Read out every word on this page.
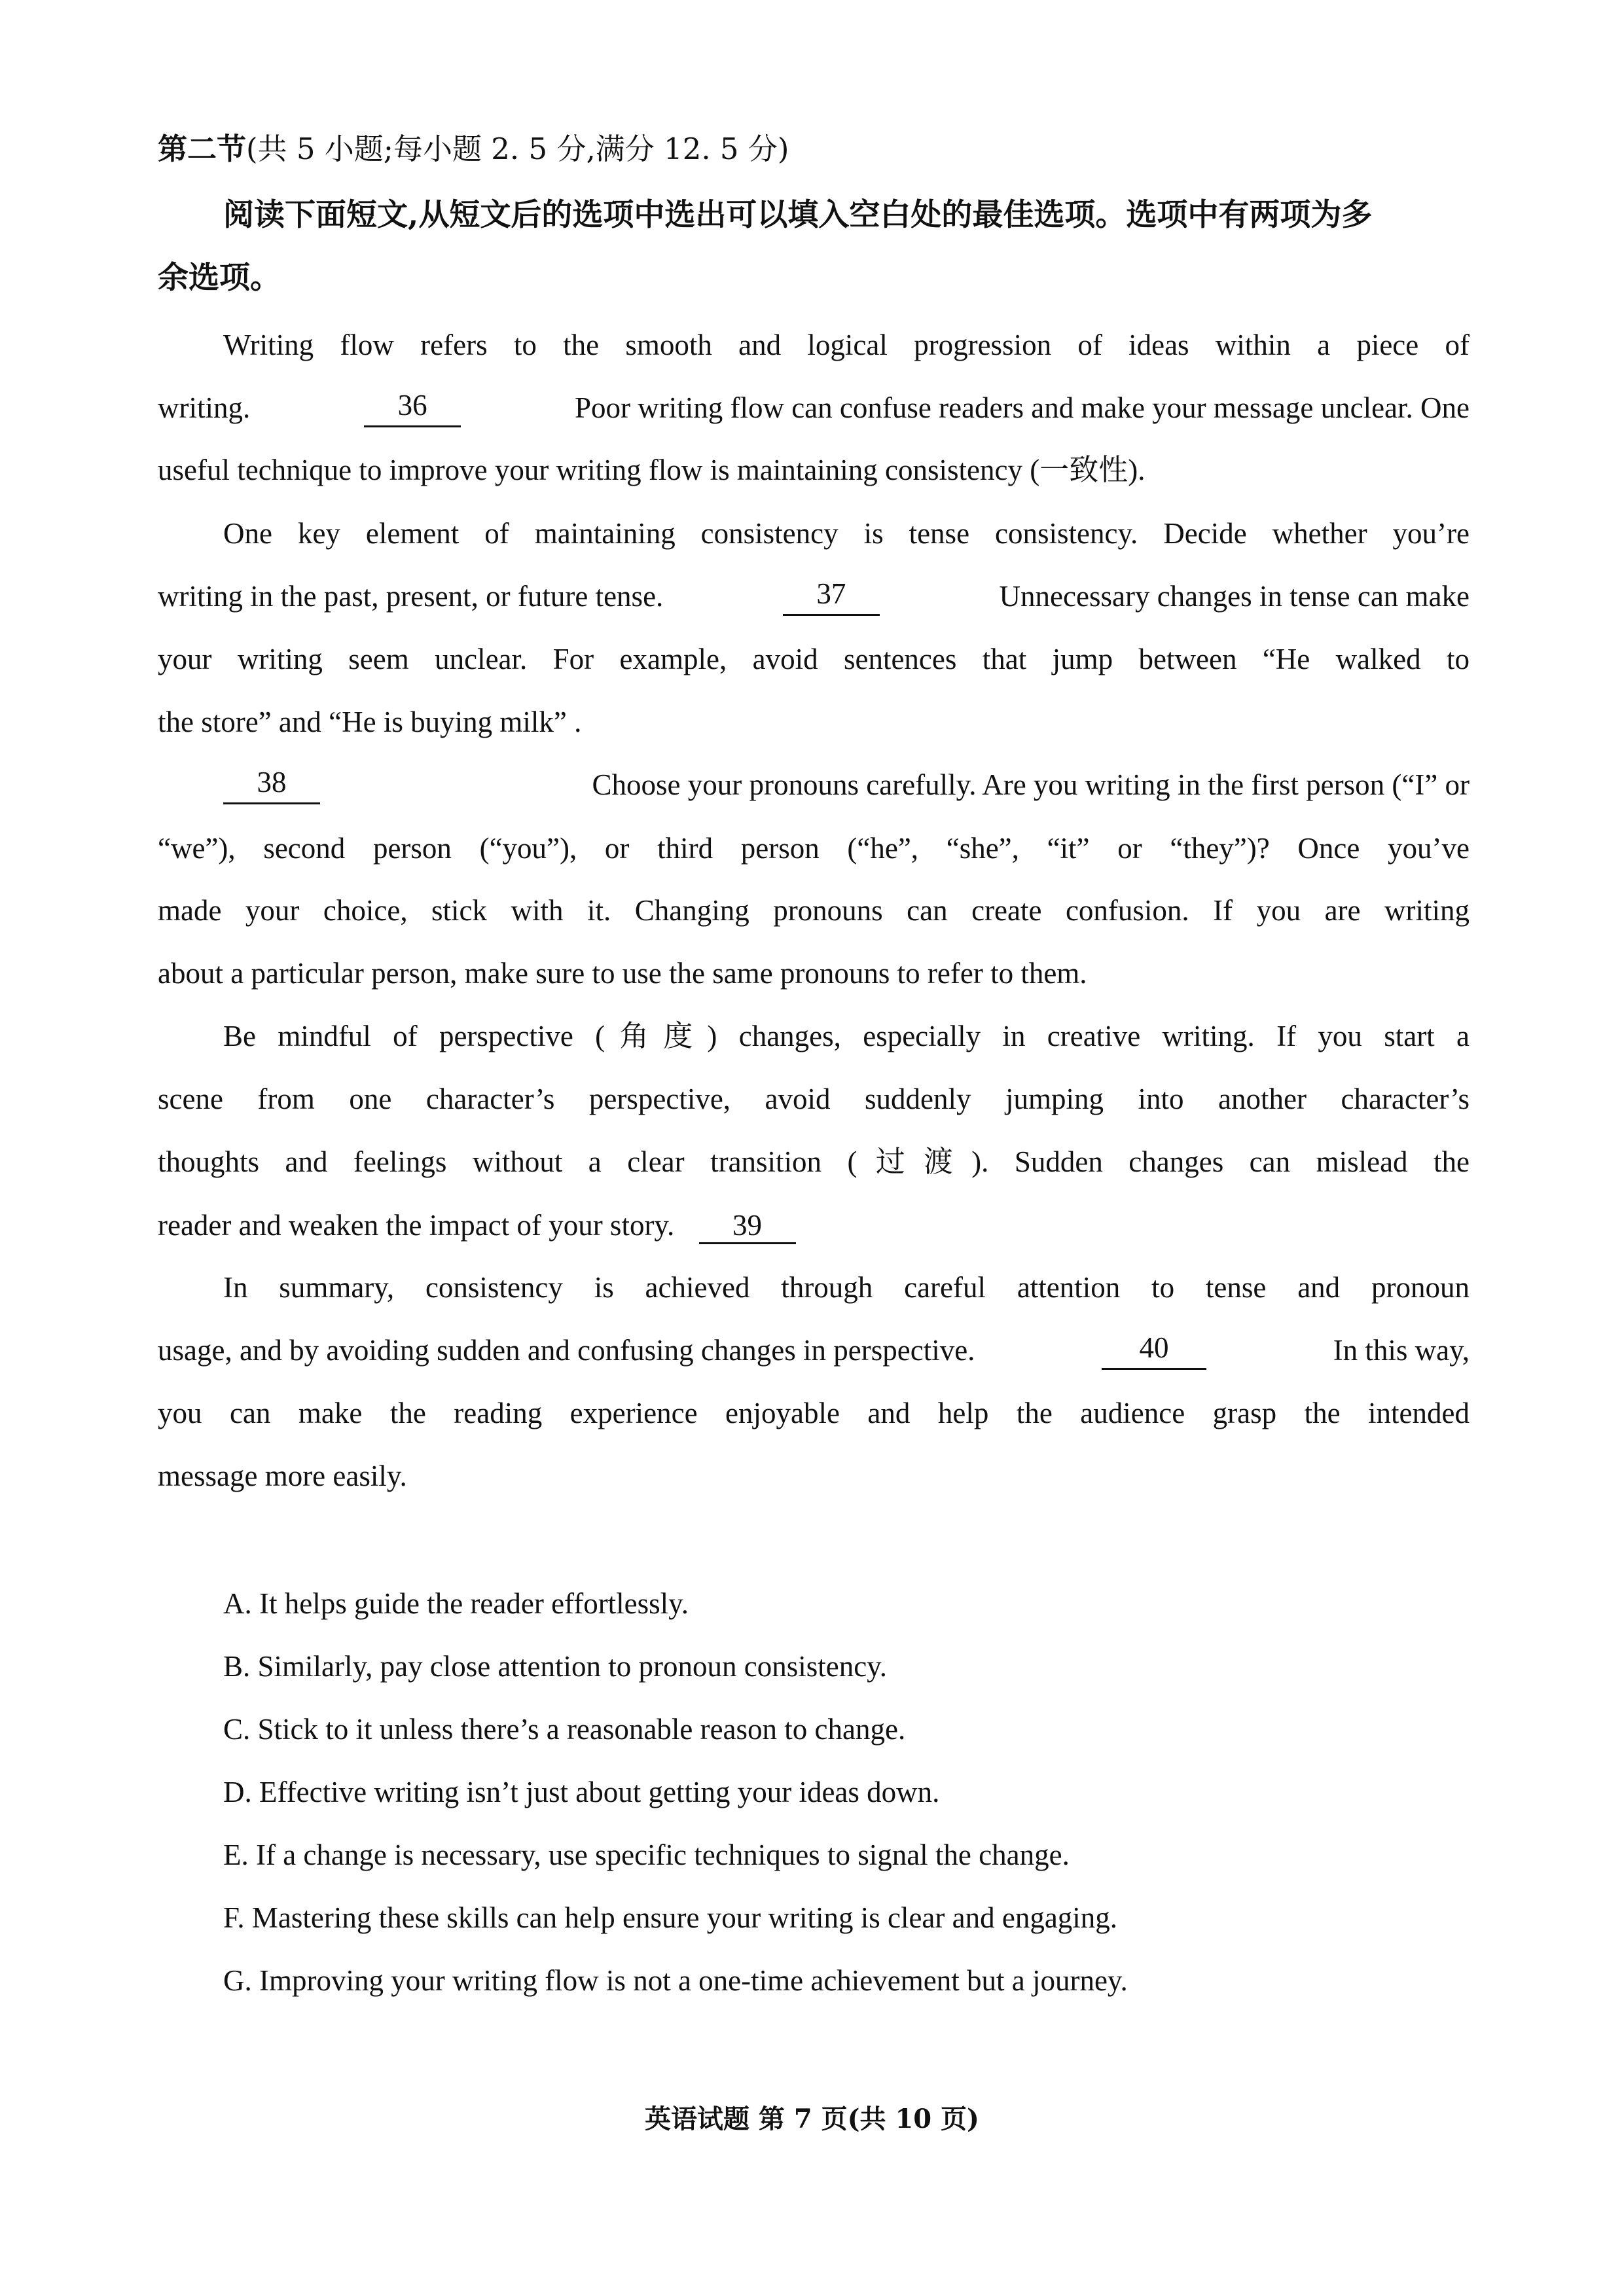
第二节(共 5 小题;每小题 2. 5 分,满分 12. 5 分)
阅读下面短文,从短文后的选项中选出可以填入空白处的最佳选项。选项中有两项为多
余选项。
Writing flow refers to the smooth and logical progression of ideas within a piece of
writing.	36	Poor writing flow can confuse readers and make your message unclear. One
useful technique to improve your writing flow is maintaining consistency (一致性).
One key element of maintaining consistency is tense consistency. Decide whether you’re
writing in the past, present, or future tense.	37	Unnecessary changes in tense can make
your writing seem unclear. For example, avoid sentences that jump between “He walked to
the store” and “He is buying milk” .
38	Choose your pronouns carefully. Are you writing in the first person (“I” or
“we”), second person (“you”), or third person (“he”, “she”, “it” or “they”)? Once you’ve
made your choice, stick with it. Changing pronouns can create confusion. If you are writing
about a particular person, make sure to use the same pronouns to refer to them.
Be mindful of perspective (角度) changes, especially in creative writing. If you start a
scene from one character’s perspective, avoid suddenly jumping into another character’s
thoughts and feelings without a clear transition (过渡). Sudden changes can mislead the
reader and weaken the impact of your story. 39
In summary, consistency is achieved through careful attention to tense and pronoun
usage, and by avoiding sudden and confusing changes in perspective.	40	In this way,
you can make the reading experience enjoyable and help the audience grasp the intended
message more easily.
A. It helps guide the reader effortlessly.
B. Similarly, pay close attention to pronoun consistency.
C. Stick to it unless there’s a reasonable reason to change.
D. Effective writing isn’t just about getting your ideas down.
E. If a change is necessary, use specific techniques to signal the change.
F. Mastering these skills can help ensure your writing is clear and engaging.
G. Improving your writing flow is not a one-time achievement but a journey.
英语试题 第 7 页(共 10 页)
